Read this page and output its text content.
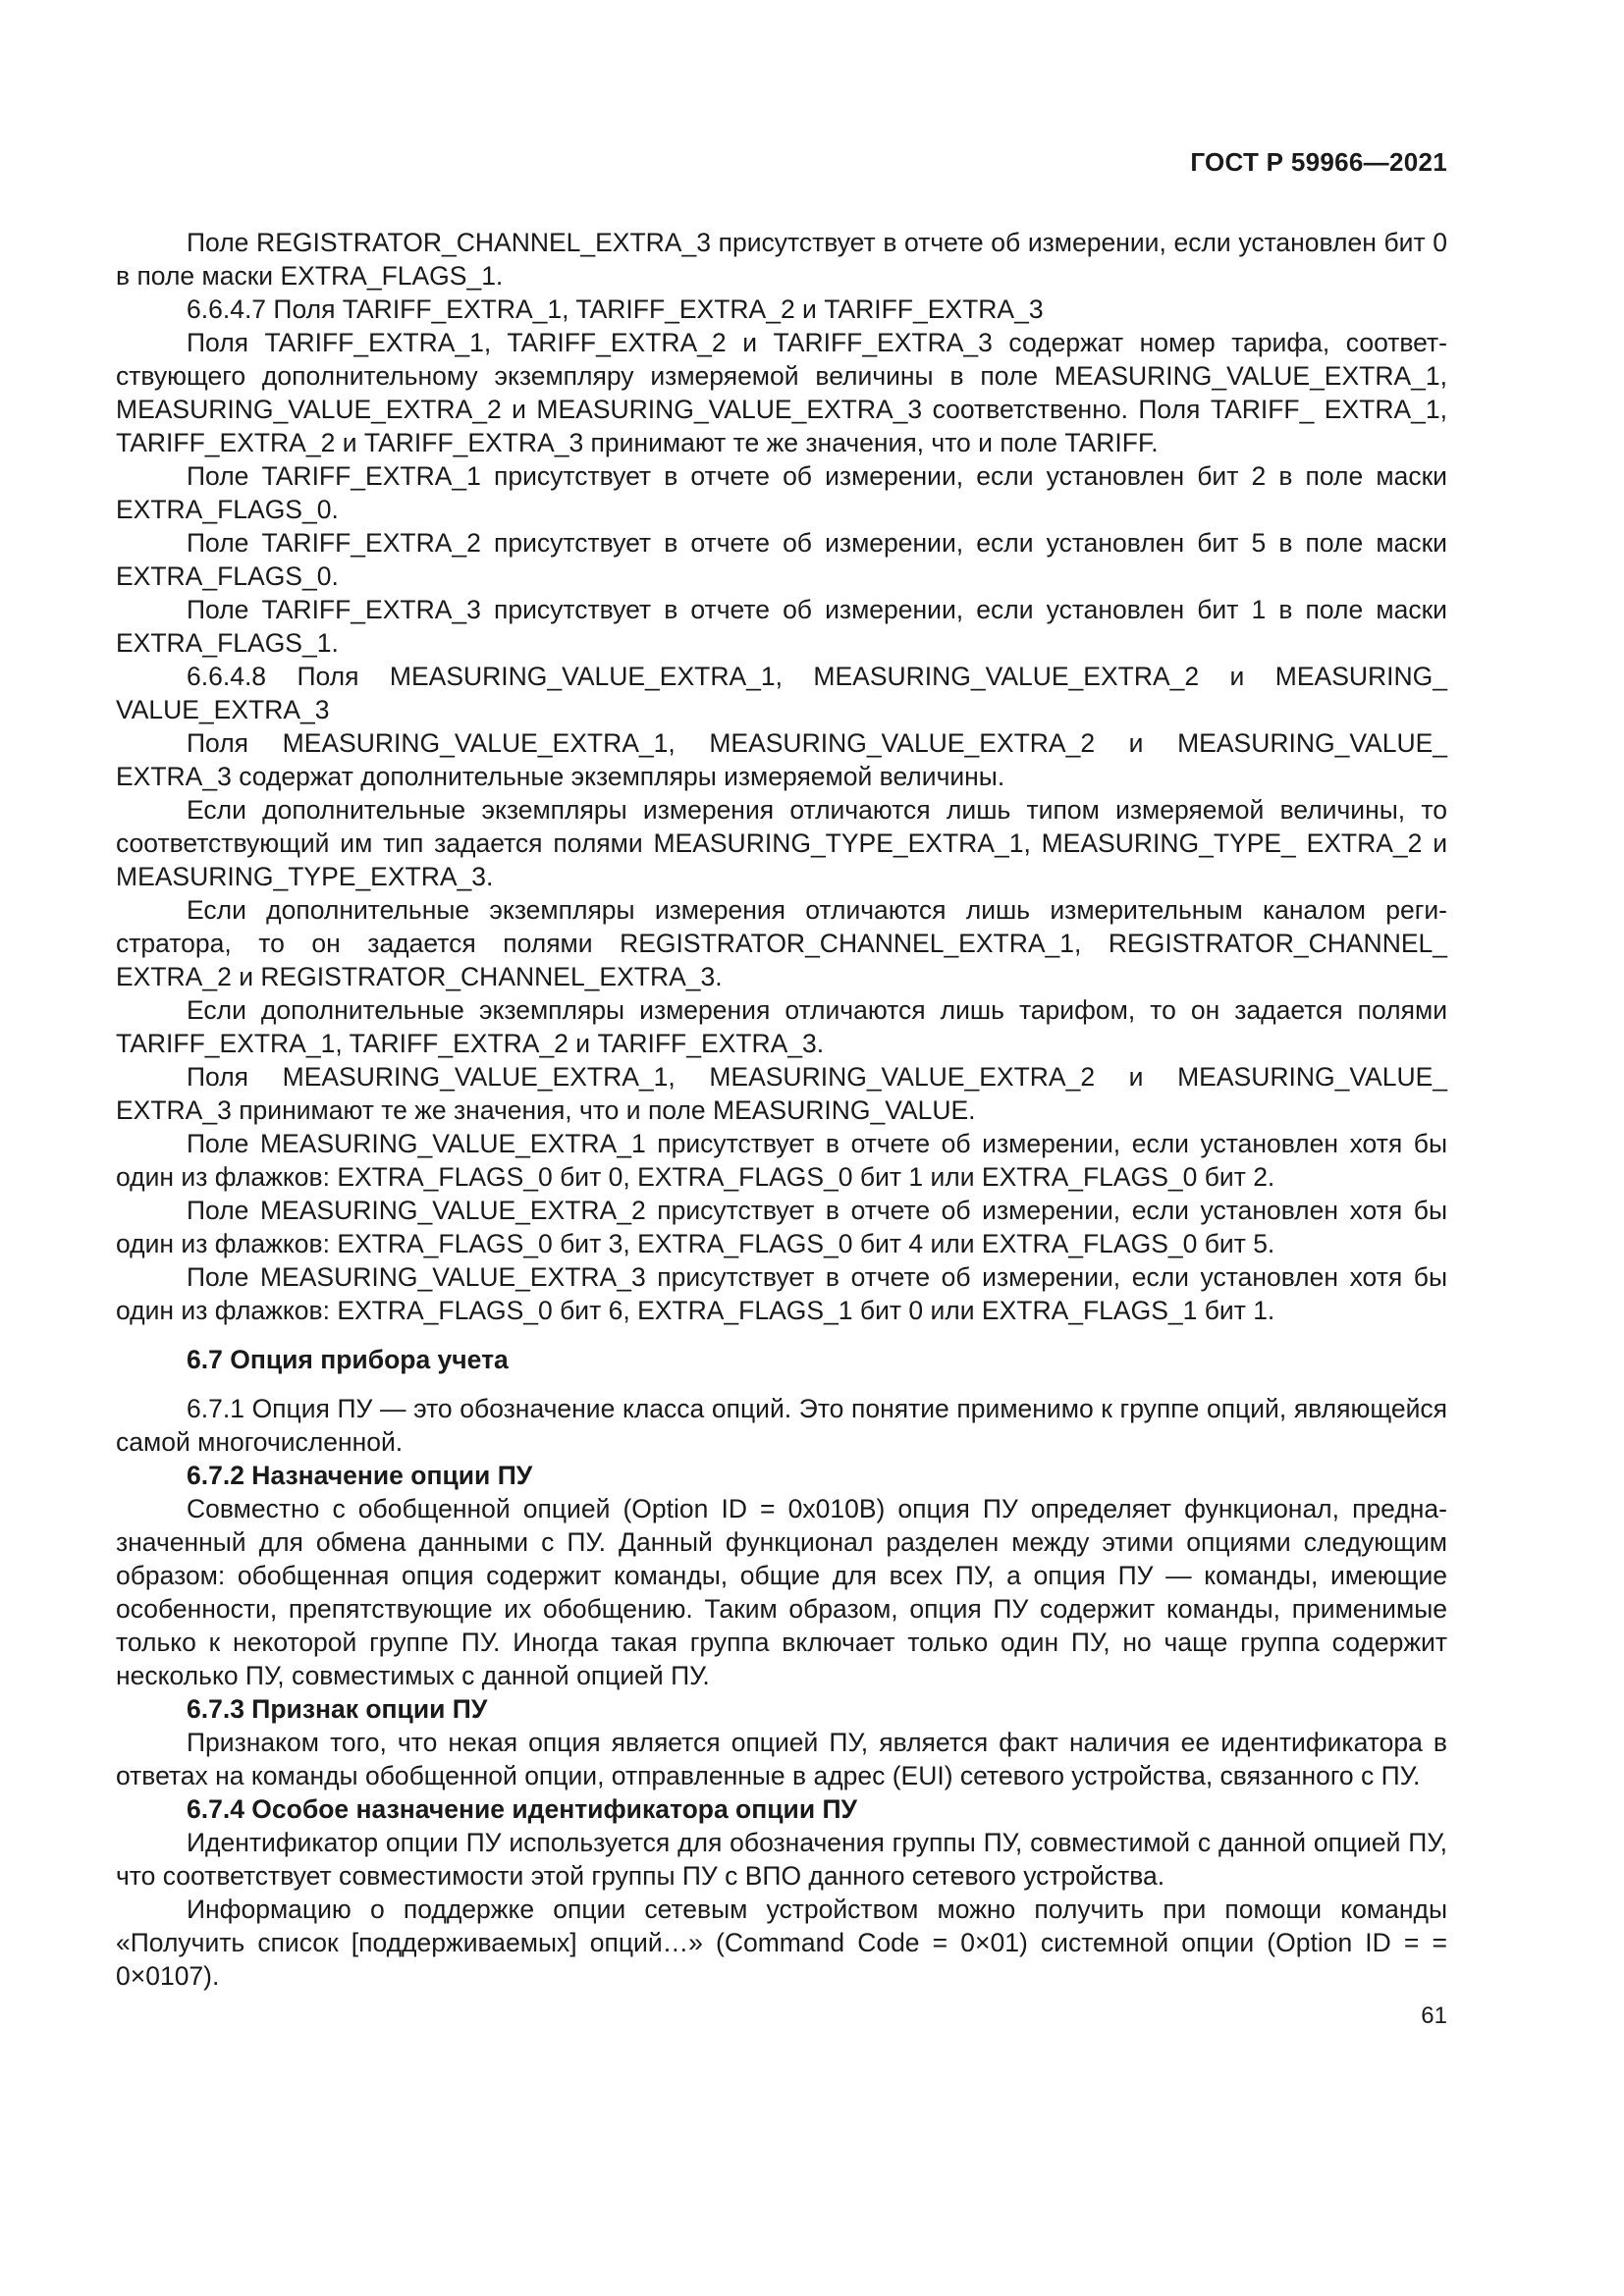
ГОСТ Р 59966—2021

Поле REGISTRATOR_CHANNEL_EXTRA_3 присутствует в отчете об измерении, если установлен бит 0 в поле маски EXTRA_FLAGS_1.

6.6.4.7 Поля TARIFF_EXTRA_1, TARIFF_EXTRA_2 и TARIFF_EXTRA_3

Поля TARIFF_EXTRA_1, TARIFF_EXTRA_2 и TARIFF_EXTRA_3 содержат номер тарифа, соответствующего дополнительному экземпляру измеряемой величины в поле MEASURING_VALUE_EXTRA_1, MEASURING_VALUE_EXTRA_2 и MEASURING_VALUE_EXTRA_3 соответственно. Поля TARIFF_ EXTRA_1, TARIFF_EXTRA_2 и TARIFF_EXTRA_3 принимают те же значения, что и поле TARIFF.

Поле TARIFF_EXTRA_1 присутствует в отчете об измерении, если установлен бит 2 в поле маски EXTRA_FLAGS_0.

Поле TARIFF_EXTRA_2 присутствует в отчете об измерении, если установлен бит 5 в поле маски EXTRA_FLAGS_0.

Поле TARIFF_EXTRA_3 присутствует в отчете об измерении, если установлен бит 1 в поле маски EXTRA_FLAGS_1.

6.6.4.8 Поля MEASURING_VALUE_EXTRA_1, MEASURING_VALUE_EXTRA_2 и MEASURING_ VALUE_EXTRA_3

Поля MEASURING_VALUE_EXTRA_1, MEASURING_VALUE_EXTRA_2 и MEASURING_VALUE_ EXTRA_3 содержат дополнительные экземпляры измеряемой величины.

Если дополнительные экземпляры измерения отличаются лишь типом измеряемой величины, то соответствующий им тип задается полями MEASURING_TYPE_EXTRA_1, MEASURING_TYPE_ EXTRA_2 и MEASURING_TYPE_EXTRA_3.

Если дополнительные экземпляры измерения отличаются лишь измерительным каналом регистратора, то он задается полями REGISTRATOR_CHANNEL_EXTRA_1, REGISTRATOR_CHANNEL_ EXTRA_2 и REGISTRATOR_CHANNEL_EXTRA_3.

Если дополнительные экземпляры измерения отличаются лишь тарифом, то он задается полями TARIFF_EXTRA_1, TARIFF_EXTRA_2 и TARIFF_EXTRA_3.

Поля MEASURING_VALUE_EXTRA_1, MEASURING_VALUE_EXTRA_2 и MEASURING_VALUE_ EXTRA_3 принимают те же значения, что и поле MEASURING_VALUE.

Поле MEASURING_VALUE_EXTRA_1 присутствует в отчете об измерении, если установлен хотя бы один из флажков: EXTRA_FLAGS_0 бит 0, EXTRA_FLAGS_0 бит 1 или EXTRA_FLAGS_0 бит 2.

Поле MEASURING_VALUE_EXTRA_2 присутствует в отчете об измерении, если установлен хотя бы один из флажков: EXTRA_FLAGS_0 бит 3, EXTRA_FLAGS_0 бит 4 или EXTRA_FLAGS_0 бит 5.

Поле MEASURING_VALUE_EXTRA_3 присутствует в отчете об измерении, если установлен хотя бы один из флажков: EXTRA_FLAGS_0 бит 6, EXTRA_FLAGS_1 бит 0 или EXTRA_FLAGS_1 бит 1.

6.7 Опция прибора учета

6.7.1 Опция ПУ — это обозначение класса опций. Это понятие применимо к группе опций, являющейся самой многочисленной.

6.7.2 Назначение опции ПУ

Совместно с обобщенной опцией (Option ID = 0x010B) опция ПУ определяет функционал, предназначенный для обмена данными с ПУ. Данный функционал разделен между этими опциями следующим образом: обобщенная опция содержит команды, общие для всех ПУ, а опция ПУ — команды, имеющие особенности, препятствующие их обобщению. Таким образом, опция ПУ содержит команды, применимые только к некоторой группе ПУ. Иногда такая группа включает только один ПУ, но чаще группа содержит несколько ПУ, совместимых с данной опцией ПУ.

6.7.3 Признак опции ПУ

Признаком того, что некая опция является опцией ПУ, является факт наличия ее идентификатора в ответах на команды обобщенной опции, отправленные в адрес (EUI) сетевого устройства, связанного с ПУ.

6.7.4 Особое назначение идентификатора опции ПУ

Идентификатор опции ПУ используется для обозначения группы ПУ, совместимой с данной опцией ПУ, что соответствует совместимости этой группы ПУ с ВПО данного сетевого устройства.

Информацию о поддержке опции сетевым устройством можно получить при помощи команды «Получить список [поддерживаемых] опций…» (Command Code = 0×01) системной опции (Option ID = = 0×0107).

61
